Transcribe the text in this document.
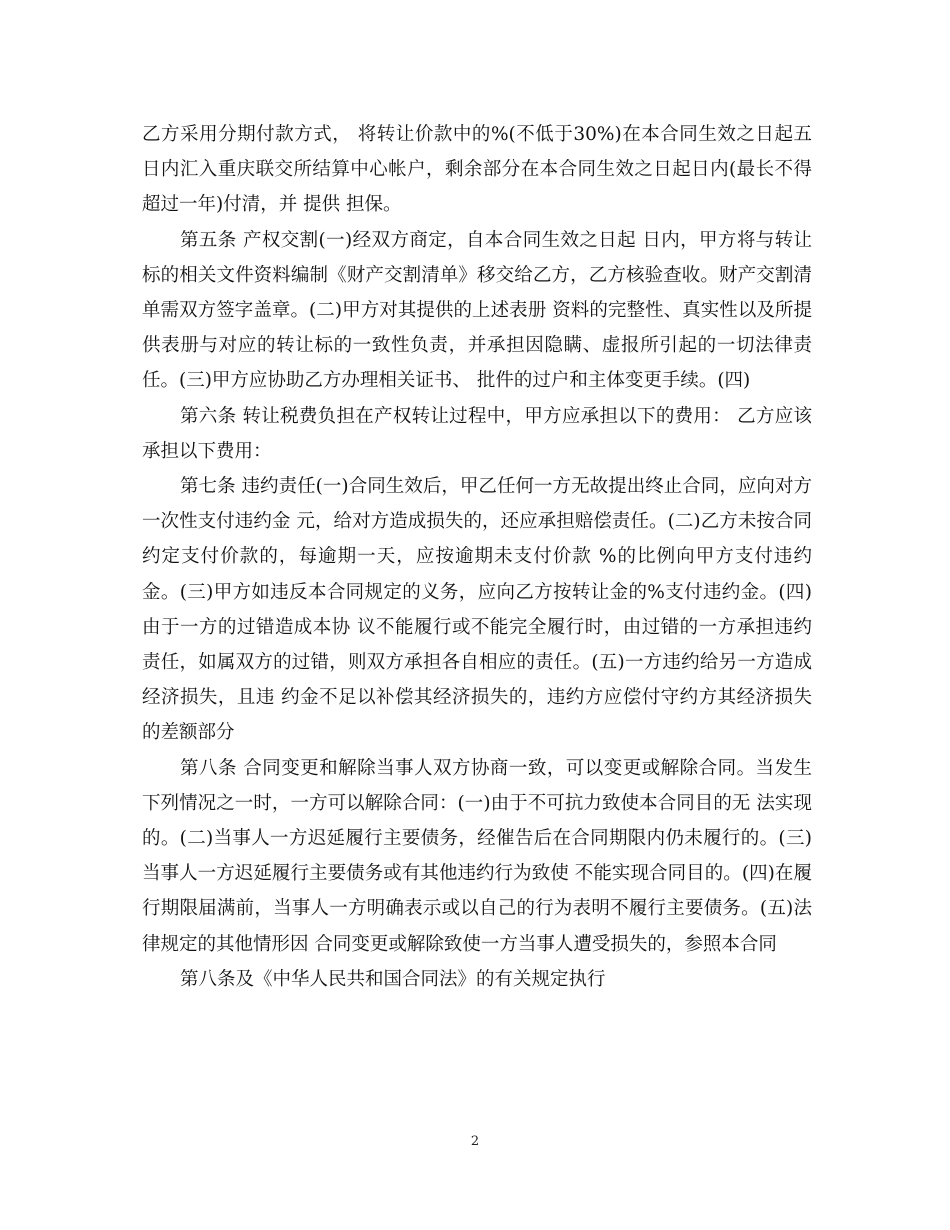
乙方采用分期付款方式， 将转让价款中的%(不低于30%)在本合同生效之日起五日内汇入重庆联交所结算中心帐户，剩余部分在本合同生效之日起日内(最长不得超过一年)付清，并 提供 担保。

第五条 产权交割(一)经双方商定，自本合同生效之日起 日内，甲方将与转让标的相关文件资料编制《财产交割清单》移交给乙方，乙方核验查收。财产交割清单需双方签字盖章。(二)甲方对其提供的上述表册 资料的完整性、真实性以及所提供表册与对应的转让标的一致性负责，并承担因隐瞒、虚报所引起的一切法律责任。(三)甲方应协助乙方办理相关证书、 批件的过户和主体变更手续。(四)

第六条 转让税费负担在产权转让过程中，甲方应承担以下的费用： 乙方应该承担以下费用：

第七条 违约责任(一)合同生效后，甲乙任何一方无故提出终止合同，应向对方一次性支付违约金 元，给对方造成损失的，还应承担赔偿责任。(二)乙方未按合同约定支付价款的，每逾期一天，应按逾期未支付价款 %的比例向甲方支付违约金。(三)甲方如违反本合同规定的义务，应向乙方按转让金的%支付违约金。(四)由于一方的过错造成本协 议不能履行或不能完全履行时，由过错的一方承担违约责任，如属双方的过错，则双方承担各自相应的责任。(五)一方违约给另一方造成经济损失，且违 约金不足以补偿其经济损失的，违约方应偿付守约方其经济损失的差额部分

第八条 合同变更和解除当事人双方协商一致，可以变更或解除合同。当发生下列情况之一时，一方可以解除合同：(一)由于不可抗力致使本合同目的无 法实现的。(二)当事人一方迟延履行主要债务，经催告后在合同期限内仍未履行的。(三)当事人一方迟延履行主要债务或有其他违约行为致使 不能实现合同目的。(四)在履行期限届满前，当事人一方明确表示或以自己的行为表明不履行主要债务。(五)法律规定的其他情形因 合同变更或解除致使一方当事人遭受损失的，参照本合同

第八条及《中华人民共和国合同法》的有关规定执行

2
